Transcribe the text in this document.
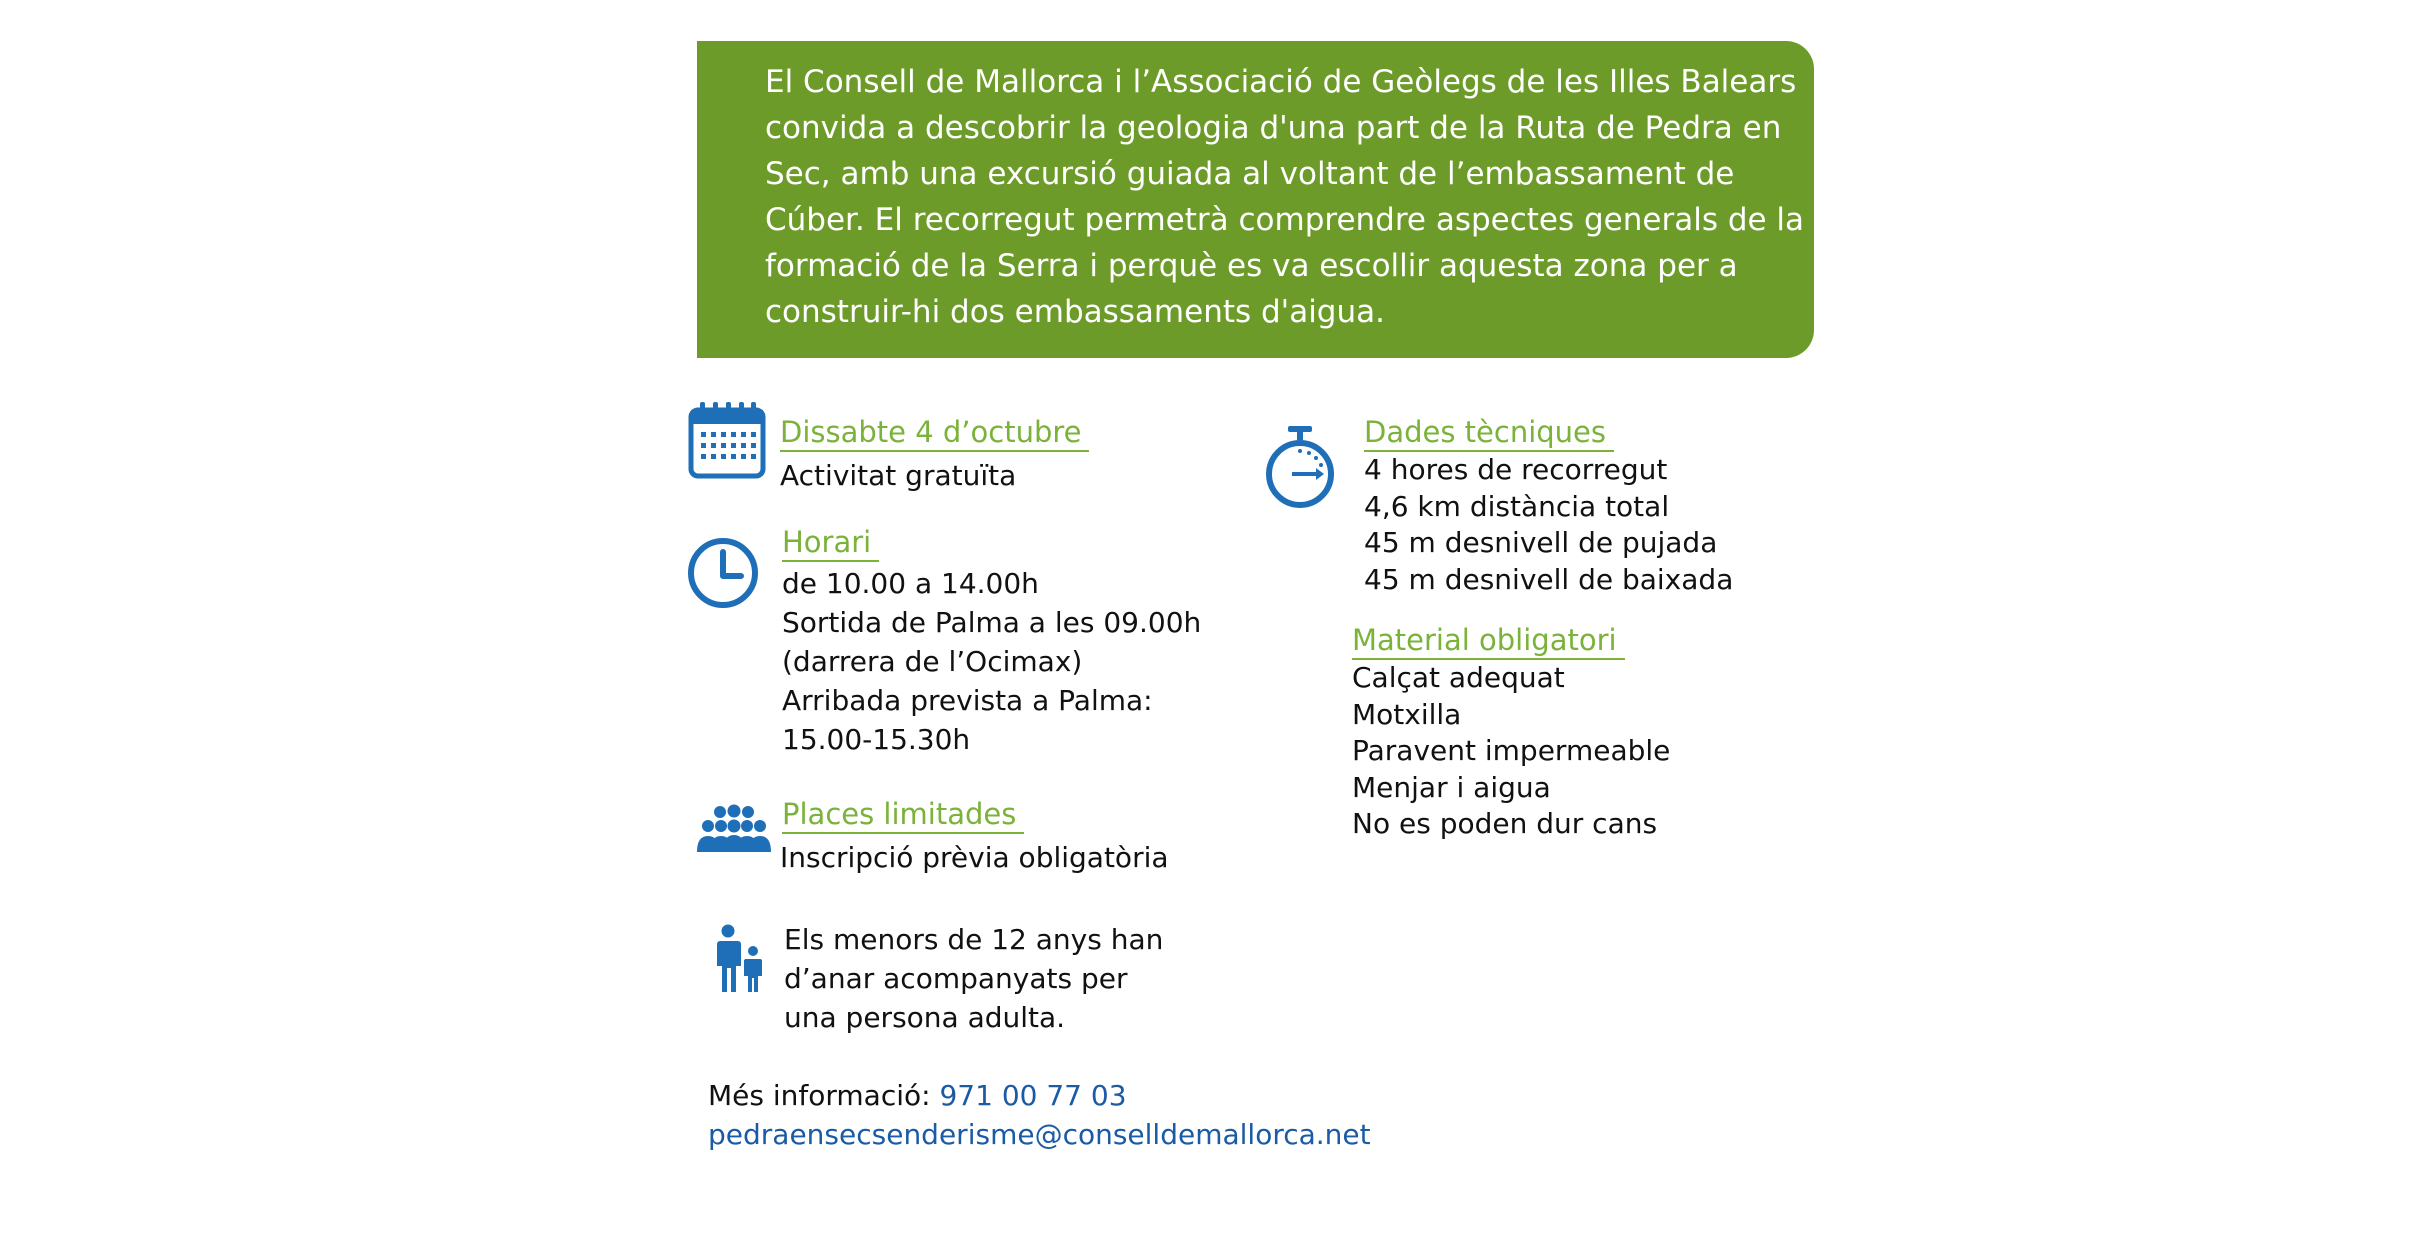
El Consell de Mallorca i l’Associació de Geòlegs de les Illes Balears
convida a descobrir la geologia d'una part de la Ruta de Pedra en
Sec, amb una excursió guiada al voltant de l’embassament de
Cúber. El recorregut permetrà comprendre aspectes generals de la
formació de la Serra i perquè es va escollir aquesta zona per a
construir-hi dos embassaments d'aigua.

Dissabte 4 d’octubre
Activitat gratuïta
Horari
de 10.00 a 14.00h
Sortida de Palma a les 09.00h
(darrera de l’Ocimax)
Arribada prevista a Palma:
15.00-15.30h
Places limitades
Inscripció prèvia obligatòria
Els menors de 12 anys han
d’anar acompanyats per
una persona adulta.
Més informació: 971 00 77 03
pedraensecsenderisme@conselldemallorca.net
Dades tècniques
4 hores de recorregut
4,6 km distància total
45 m desnivell de pujada
45 m desnivell de baixada
Material obligatori
Calçat adequat
Motxilla
Paravent impermeable
Menjar i aigua
No es poden dur cans
